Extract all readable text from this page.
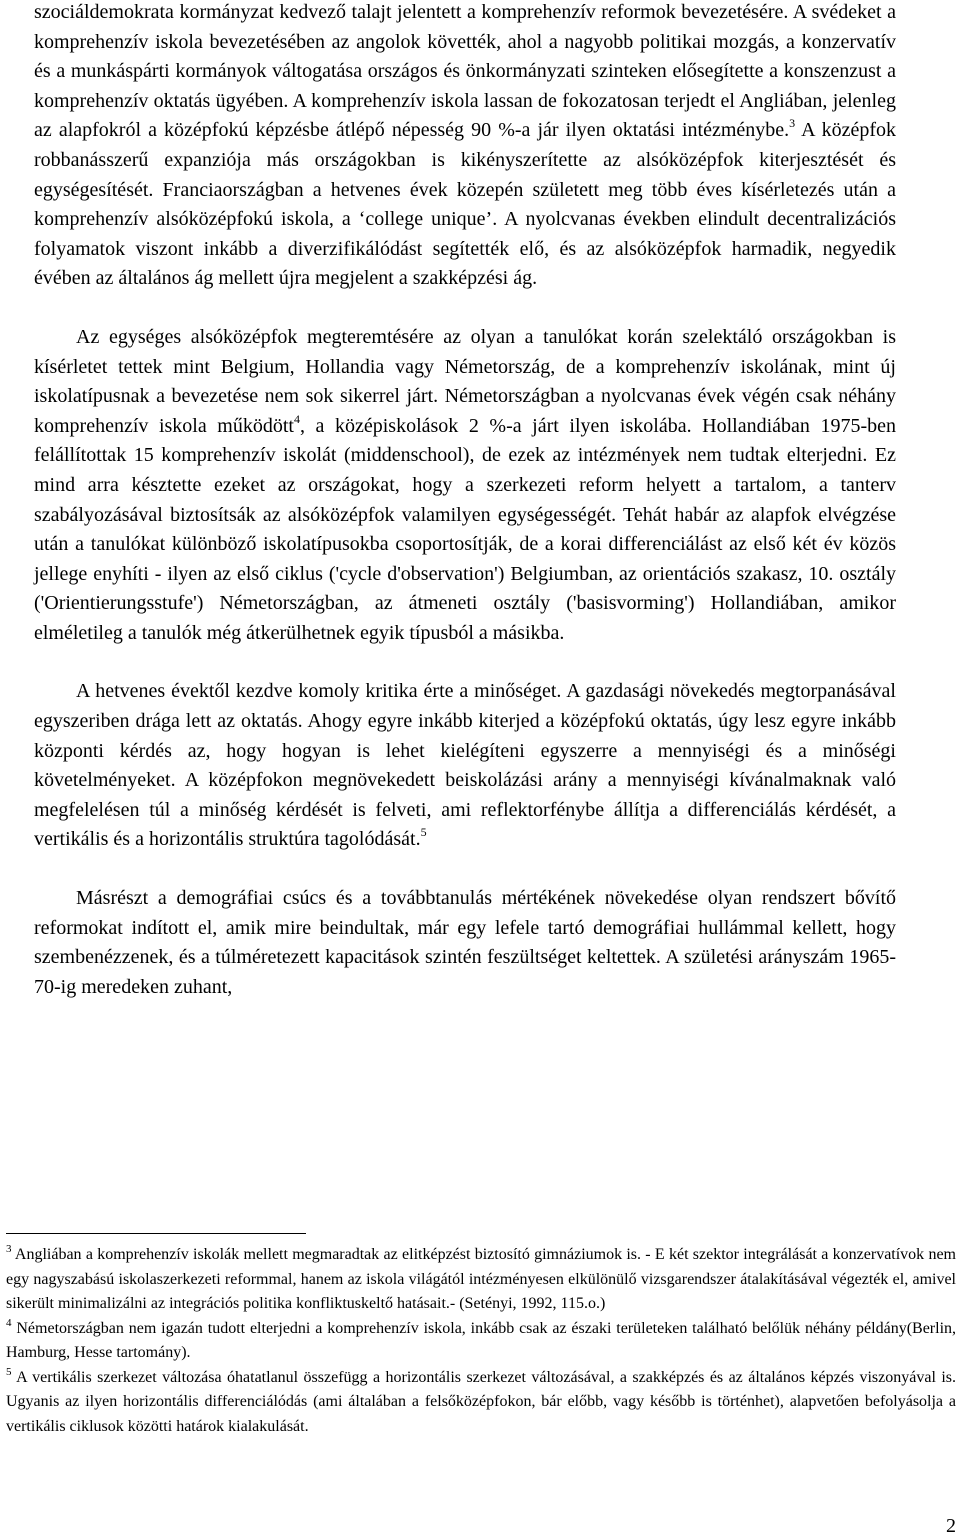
szociáldemokrata kormányzat kedvező talajt jelentett a komprehenzív reformok bevezetésére. A svédeket a komprehenzív iskola bevezetésében az angolok követték, ahol a nagyobb politikai mozgás, a konzervatív és a munkáspárti kormányok váltogatása országos és önkormányzati szinteken elősegítette a konszenzust a komprehenzív oktatás ügyében. A komprehenzív iskola lassan de fokozatosan terjedt el Angliában, jelenleg az alapfokról a középfokú képzésbe átlépő népesség 90 %-a jár ilyen oktatási intézménybe.$^3$ A középfok robbanásszerű expanziója más országokban is kikényszerítette az alsóközépfok kiterjesztését és egységesítését. Franciaországban a hetvenes évek közepén született meg több éves kísérletezés után a komprehenzív alsóközépfokú iskola, a ‘college unique’. A nyolcvanas években elindult decentralizációs folyamatok viszont inkább a diverzifikálódást segítették elő, és az alsóközépfok harmadik, negyedik évében az általános ág mellett újra megjelent a szakképzési ág.

Az egységes alsóközépfok megteremtésére az olyan a tanulókat korán szelektáló országokban is kísérletet tettek mint Belgium, Hollandia vagy Németország, de a komprehenzív iskolának, mint új iskolatípusnak a bevezetése nem sok sikerrel járt. Németországban a nyolcvanas évek végén csak néhány komprehenzív iskola működött$^4$, a középiskolások 2 %-a járt ilyen iskolába. Hollandiában 1975-ben felállítottak 15 komprehenzív iskolát (middenschool), de ezek az intézmények nem tudtak elterjedni. Ez mind arra késztette ezeket az országokat, hogy a szerkezeti reform helyett a tartalom, a tanterv szabályozásával biztosítsák az alsóközépfok valamilyen egységességét. Tehát habár az alapfok elvégzése után a tanulókat különböző iskolatípusokba csoportosítják, de a korai differenciálást az első két év közös jellege enyhíti - ilyen az első ciklus ('cycle d'observation') Belgiumban, az orientációs szakasz, 10. osztály ('Orientierungsstufe') Németországban, az átmeneti osztály ('basisvorming') Hollandiában, amikor elméletileg a tanulók még átkerülhetnek egyik típusból a másikba.

A hetvenes évektől kezdve komoly kritika érte a minőséget. A gazdasági növekedés megtorpanásával egyszeriben drága lett az oktatás. Ahogy egyre inkább kiterjed a középfokú oktatás, úgy lesz egyre inkább központi kérdés az, hogy hogyan is lehet kielégíteni egyszerre a mennyiségi és a minőségi követelményeket. A középfokon megnövekedett beiskolázási arány a mennyiségi kívánalmaknak való megfelelésen túl a minőség kérdését is felveti, ami reflektorfénybe állítja a differenciálás kérdését, a vertikális és a horizontális struktúra tagolódását.$^5$

Másrészt a demográfiai csúcs és a továbbtanulás mértékének növekedése olyan rendszert bővítő reformokat indított el, amik mire beindultak, már egy lefele tartó demográfiai hullámmal kellett, hogy szembenézzenek, és a túlméretezett kapacitások szintén feszültséget keltettek. A születési arányszám 1965-70-ig meredeken zuhant,

$^3$ Angliában a komprehenzív iskolák mellett megmaradtak az elitképzést biztosító gimnáziumok is. - E két szektor integrálását a konzervatívok nem egy nagyszabású iskolaszerkezeti reformmal, hanem az iskola világától intézményesen elkülönülő vizsgarendszer átalakításával végezték el, amivel sikerült minimalizálni az integrációs politika konfliktuskeltő hatásait.- (Setényi, 1992, 115.o.)

$^4$ Németországban nem igazán tudott elterjedni a komprehenzív iskola, inkább csak az északi területeken található belőlük néhány példány(Berlin, Hamburg, Hesse tartomány).

$^5$ A vertikális szerkezet változása óhatatlanul összefügg a horizontális szerkezet változásával, a szakképzés és az általános képzés viszonyával is. Ugyanis az ilyen horizontális differenciálódás (ami általában a felsőközépfokon, bár előbb, vagy később is történhet), alapvetően befolyásolja a vertikális ciklusok közötti határok kialakulását.

2
